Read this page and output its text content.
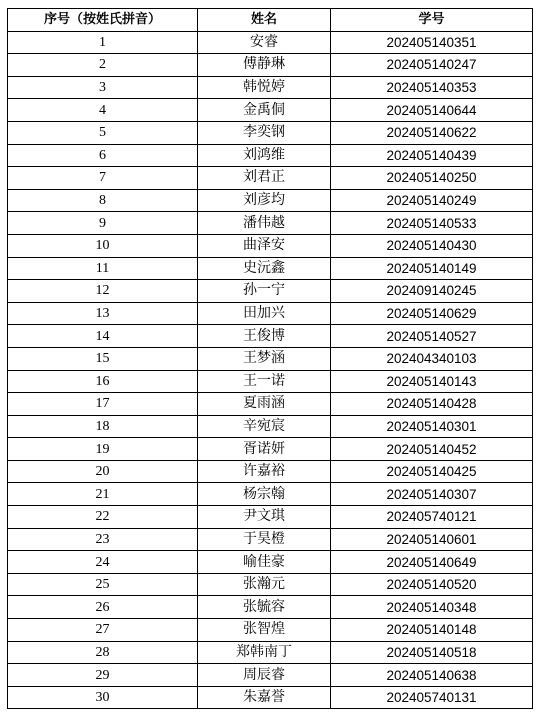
序号（按姓氏拼音）	姓名	学号
1	安睿	202405140351
2	傅静琳	202405140247
3	韩悦婷	202405140353
4	金禹侗	202405140644
5	李奕钢	202405140622
6	刘鸿维	202405140439
7	刘君正	202405140250
8	刘彦均	202405140249
9	潘伟越	202405140533
10	曲泽安	202405140430
11	史沅鑫	202405140149
12	孙一宁	202409140245
13	田加兴	202405140629
14	王俊博	202405140527
15	王梦涵	202404340103
16	王一诺	202405140143
17	夏雨涵	202405140428
18	辛宛宸	202405140301
19	胥诺妍	202405140452
20	许嘉裕	202405140425
21	杨宗翰	202405140307
22	尹文琪	202405740121
23	于昊橙	202405140601
24	喻佳豪	202405140649
25	张瀚元	202405140520
26	张毓容	202405140348
27	张智煌	202405140148
28	郑韩南丁	202405140518
29	周辰睿	202405140638
30	朱嘉誉	202405740131
